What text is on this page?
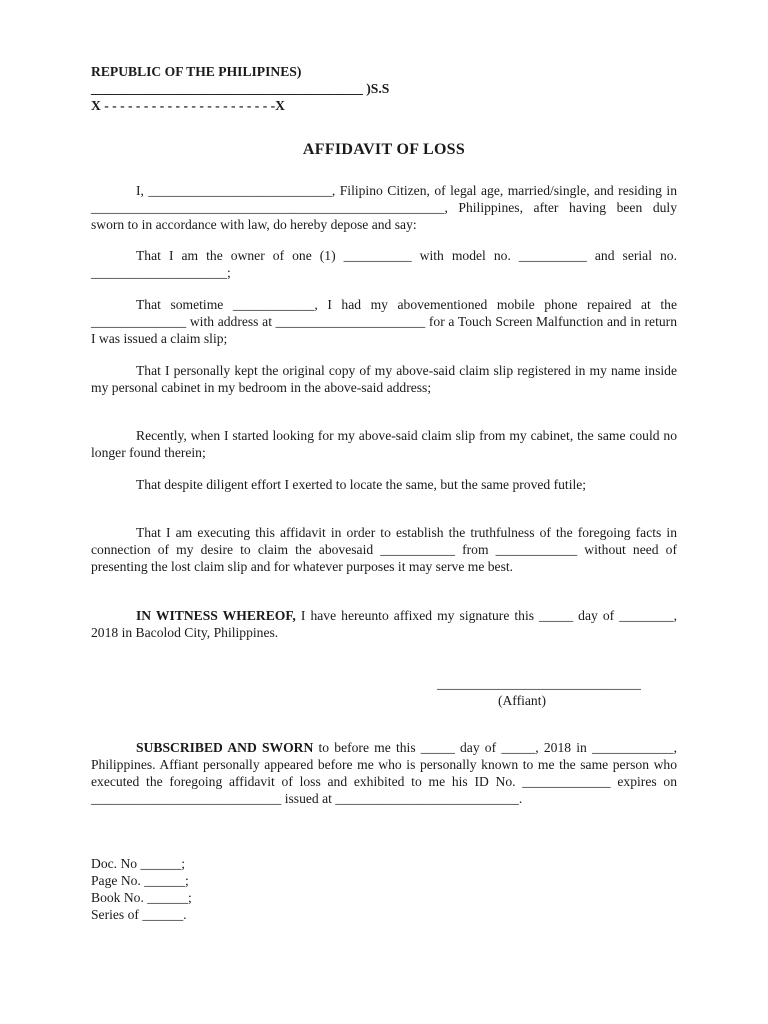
REPUBLIC OF THE PHILIPINES)
________________________________________ )S.S
X - - - - - - - - - - - - - - - - - - - - - -X
AFFIDAVIT OF LOSS

I, ___________________________, Filipino Citizen, of legal age, married/single, and residing in ____________________________________________________, Philippines, after having been duly sworn to in accordance with law, do hereby depose and say:

That I am the owner of one (1) __________ with model no. __________ and serial no. ____________________;

That sometime ____________, I had my abovementioned mobile phone repaired at the ______________ with address at ______________________ for a Touch Screen Malfunction and in return I was issued a claim slip;

That I personally kept the original copy of my above-said claim slip registered in my name inside my personal cabinet in my bedroom in the above-said address;

Recently, when I started looking for my above-said claim slip from my cabinet, the same could no longer found therein;

That despite diligent effort I exerted to locate the same, but the same proved futile;

That I am executing this affidavit in order to establish the truthfulness of the foregoing facts in connection of my desire to claim the abovesaid ___________ from ____________ without need of presenting the lost claim slip and for whatever purposes it may serve me best.

IN WITNESS WHEREOF, I have hereunto affixed my signature this _____ day of ________, 2018 in Bacolod City, Philippines.

______________________________
(Affiant)

SUBSCRIBED AND SWORN to before me this _____ day of _____, 2018 in ____________, Philippines. Affiant personally appeared before me who is personally known to me the same person who executed the foregoing affidavit of loss and exhibited to me his ID No. _____________ expires on ____________________________ issued at ___________________________.

Doc. No ______;
Page No. ______;
Book No. ______;
Series of ______.
